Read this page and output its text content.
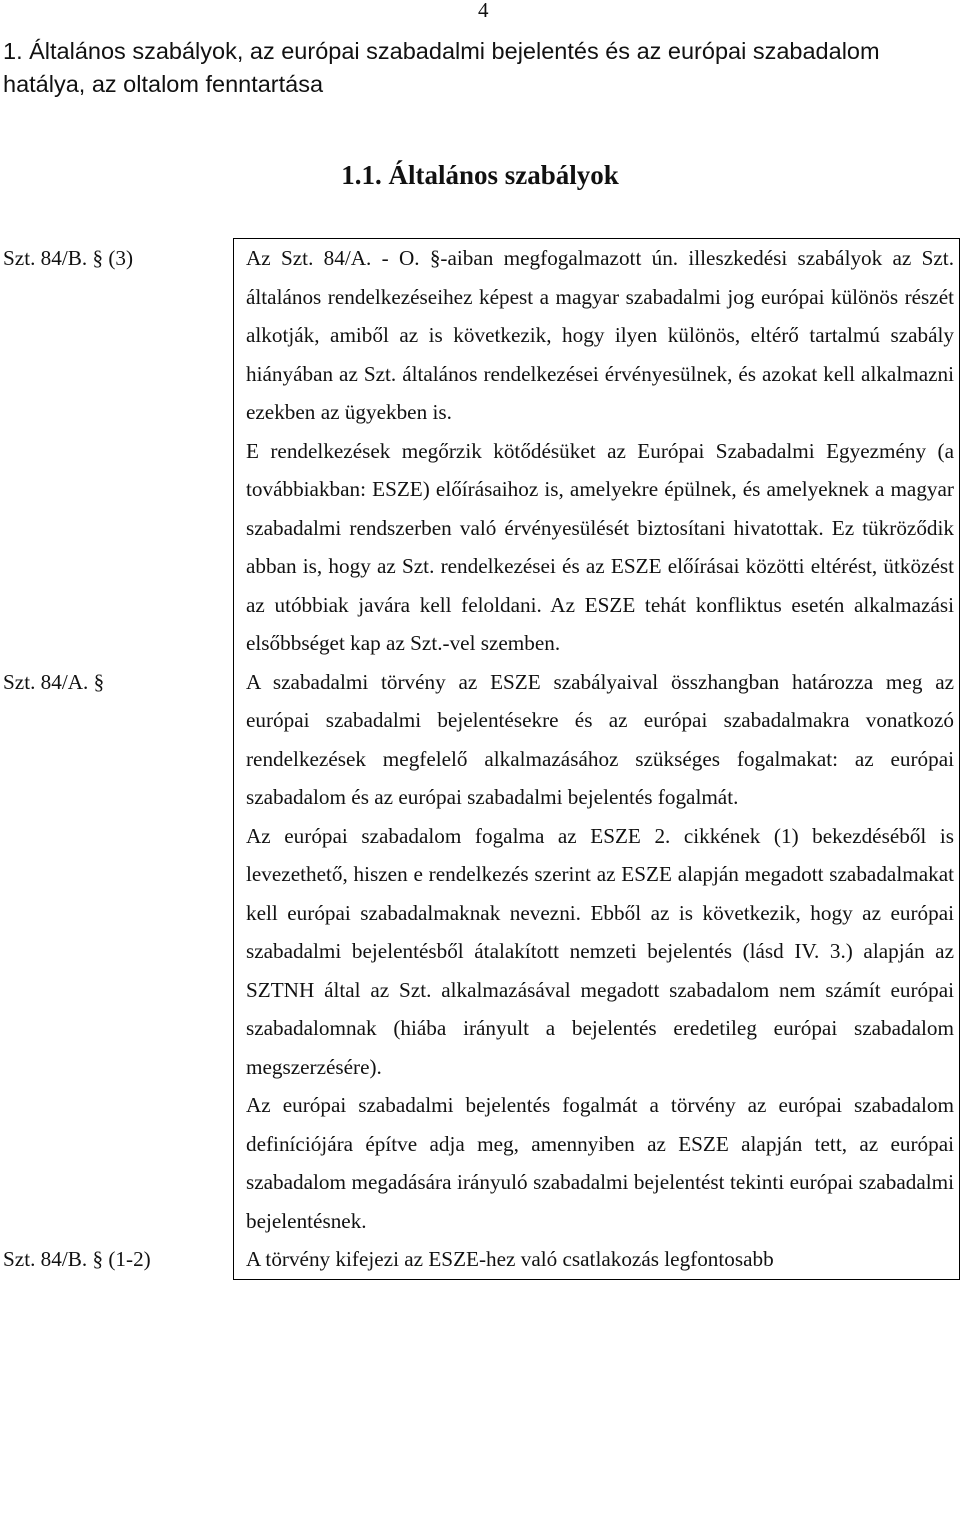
4
1. Általános szabályok, az európai szabadalmi bejelentés és az európai szabadalom hatálya, az oltalom fenntartása
1.1. Általános szabályok
Szt. 84/B. § (3)	Az Szt. 84/A. - O. §-aiban megfogalmazott ún. illeszkedési szabályok az Szt. általános rendelkezéseihez képest a magyar szabadalmi jog európai különös részét alkotják, amiből az is következik, hogy ilyen különös, eltérő tartalmú szabály hiányában az Szt. általános rendelkezései érvényesülnek, és azokat kell alkalmazni ezekben az ügyekben is.

E rendelkezések megőrzik kötődésüket az Európai Szabadalmi Egyezmény (a továbbiakban: ESZE) előírásaihoz is, amelyekre épülnek, és amelyeknek a magyar szabadalmi rendszerben való érvényesülését biztosítani hivatottak. Ez tükröződik abban is, hogy az Szt. rendelkezései és az ESZE előírásai közötti eltérést, ütközést az utóbbiak javára kell feloldani. Az ESZE tehát konfliktus esetén alkalmazási elsőbbséget kap az Szt.-vel szemben.

Szt. 84/A. §	A szabadalmi törvény az ESZE szabályaival összhangban határozza meg az európai szabadalmi bejelentésekre és az európai szabadalmakra vonatkozó rendelkezések megfelelő alkalmazásához szükséges fogalmakat: az európai szabadalom és az európai szabadalmi bejelentés fogalmát.

Az európai szabadalom fogalma az ESZE 2. cikkének (1) bekezdéséből is levezethető, hiszen e rendelkezés szerint az ESZE alapján megadott szabadalmakat kell európai szabadalmaknak nevezni. Ebből az is következik, hogy az európai szabadalmi bejelentésből átalakított nemzeti bejelentés (lásd IV. 3.) alapján az SZTNH által az Szt. alkalmazásával megadott szabadalom nem számít európai szabadalomnak (hiába irányult a bejelentés eredetileg európai szabadalom megszerzésére).

Az európai szabadalmi bejelentés fogalmát a törvény az európai szabadalom definíciójára építve adja meg, amennyiben az ESZE alapján tett, az európai szabadalom megadására irányuló szabadalmi bejelentést tekinti európai szabadalmi bejelentésnek.

Szt. 84/B. § (1-2)	A törvény kifejezi az ESZE-hez való csatlakozás legfontosabb
